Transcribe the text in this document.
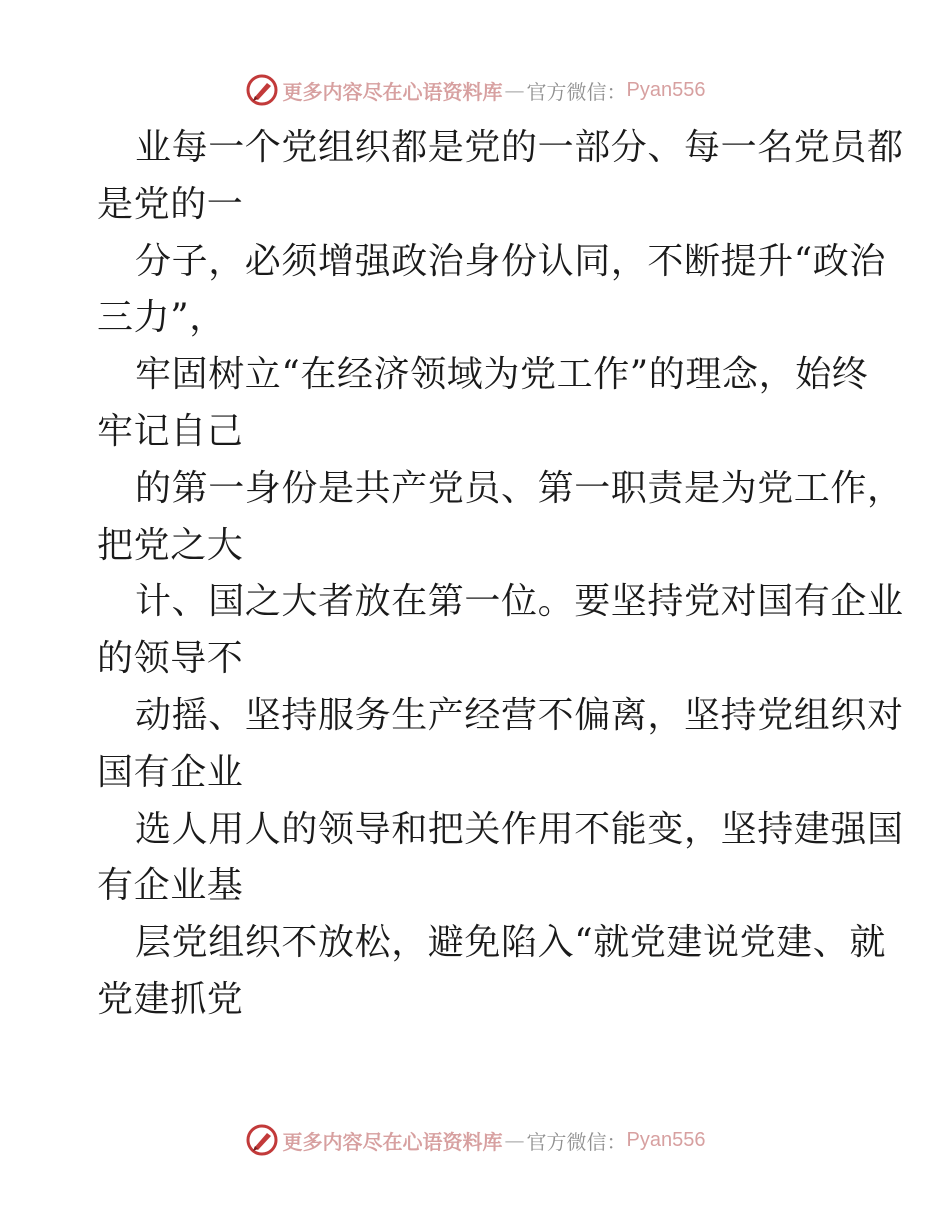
更多内容尽在心语资料库 — 官方微信： Pyan556
业每一个党组织都是党的一部分、每一名党员都
是党的一
分子，必须增强政治身份认同，不断提升“政治
三力”，
牢固树立“在经济领域为党工作”的理念，始终
牢记自己
的第一身份是共产党员、第一职责是为党工作，
把党之大
计、国之大者放在第一位。要坚持党对国有企业
的领导不
动摇、坚持服务生产经营不偏离，坚持党组织对
国有企业
选人用人的领导和把关作用不能变，坚持建强国
有企业基
层党组织不放松，避免陷入“就党建说党建、就
党建抓党
更多内容尽在心语资料库 — 官方微信： Pyan556
